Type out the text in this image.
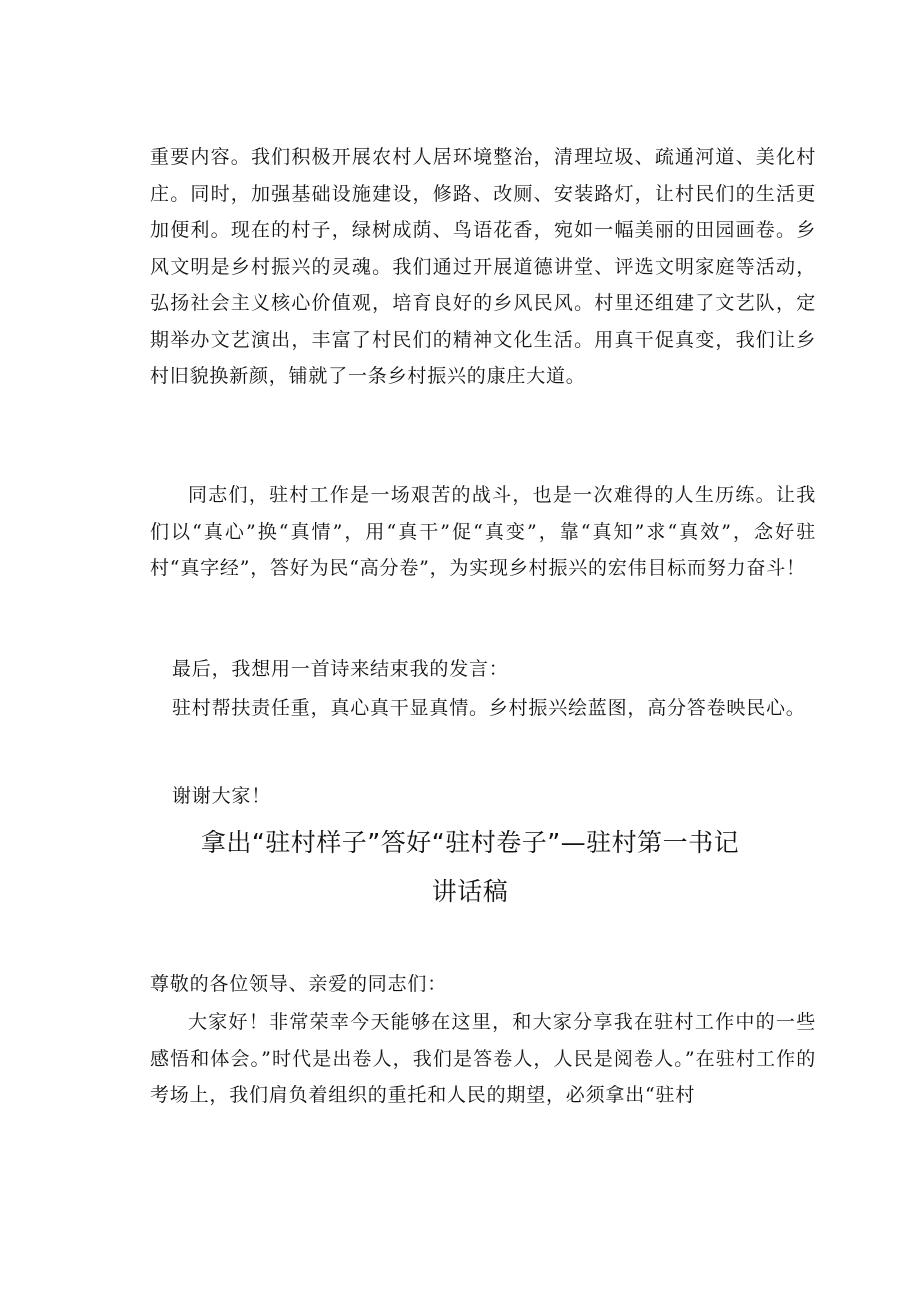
重要内容。我们积极开展农村人居环境整治，清理垃圾、疏通河道、美化村庄。同时，加强基础设施建设，修路、改厕、安装路灯，让村民们的生活更加便利。现在的村子，绿树成荫、鸟语花香，宛如一幅美丽的田园画卷。乡风文明是乡村振兴的灵魂。我们通过开展道德讲堂、评选文明家庭等活动，弘扬社会主义核心价值观，培育良好的乡风民风。村里还组建了文艺队，定期举办文艺演出，丰富了村民们的精神文化生活。用真干促真变，我们让乡村旧貌换新颜，铺就了一条乡村振兴的康庄大道。

同志们，驻村工作是一场艰苦的战斗，也是一次难得的人生历练。让我们以“真心”换“真情”，用“真干”促“真变”，靠“真知”求“真效”，念好驻村“真字经”，答好为民“高分卷”，为实现乡村振兴的宏伟目标而努力奋斗！

最后，我想用一首诗来结束我的发言：

驻村帮扶责任重，真心真干显真情。乡村振兴绘蓝图，高分答卷映民心。

谢谢大家！

拿出“驻村样子”答好“驻村卷子”—驻村第一书记
讲话稿

尊敬的各位领导、亲爱的同志们：

大家好！非常荣幸今天能够在这里，和大家分享我在驻村工作中的一些感悟和体会。”时代是出卷人，我们是答卷人，人民是阅卷人。”在驻村工作的考场上，我们肩负着组织的重托和人民的期望，必须拿出“驻村
